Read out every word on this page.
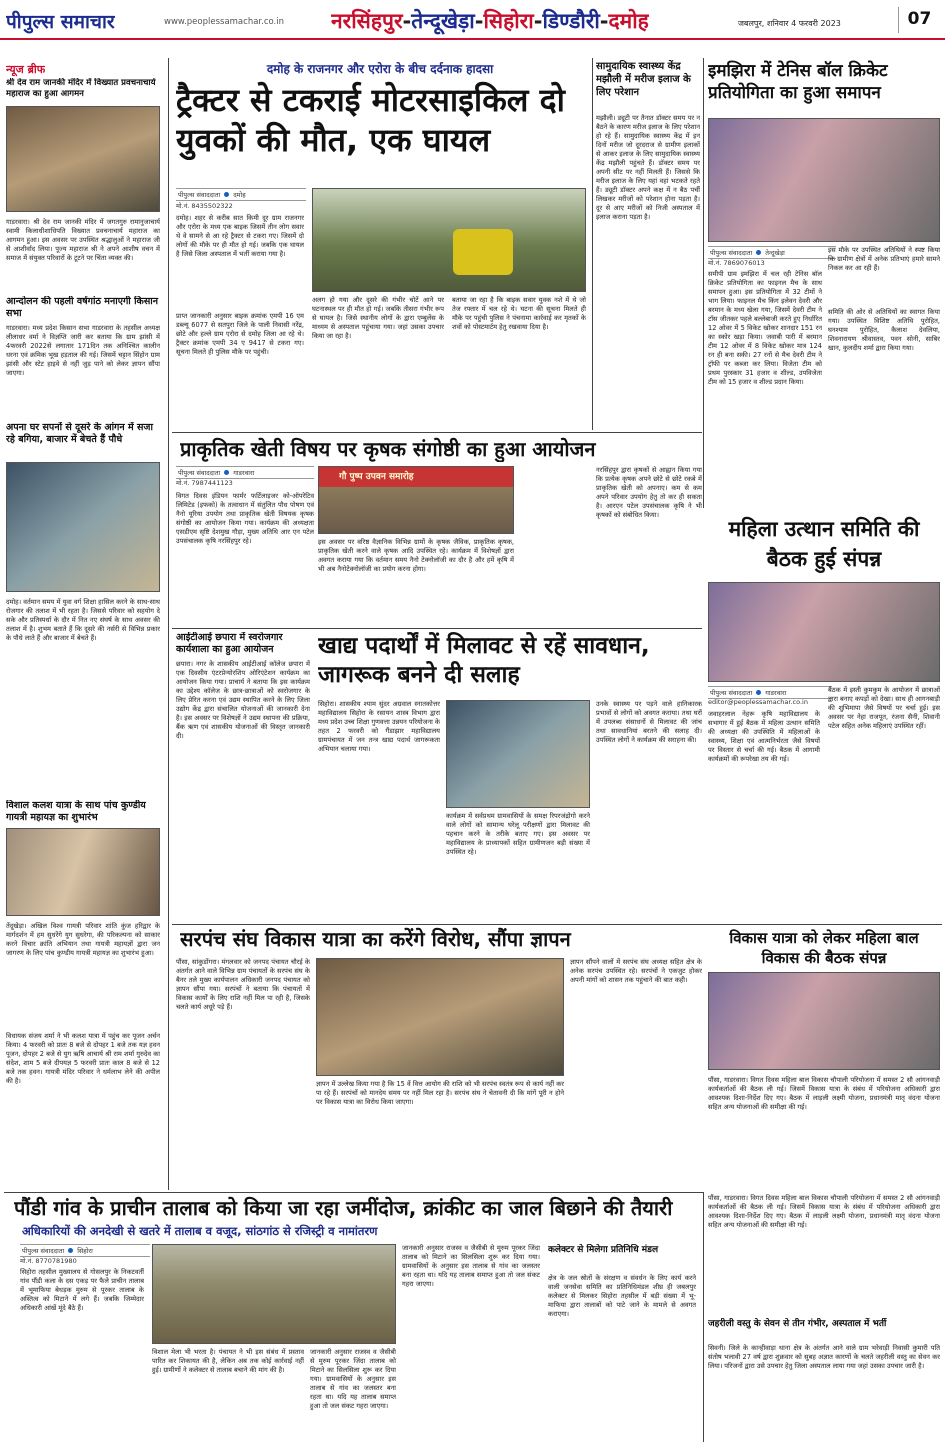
पीपुल्स समाचार	www.peoplessamachar.co.in नरसिंहपुर-तेन्दूखेड़ा-सिहोरा-डिण्डौरी-दमोह	जबलपुर, शनिवार 4 फरवरी 2023	07
न्यूज ब्रीफ
श्री देव राम जानकी मंदिर में विख्यात प्रवचनाचार्य महाराज का हुआ आगमन
गाडरवारा। श्री देव राम जानकी मंदिर में जगतगुरु रामानुजाचार्य स्वामी किलाधीशाधिपति विख्यात प्रवचनाचार्य महाराज का आगमन हुआ। इस अवसर पर उपस्थित श्रद्धालुओं ने महाराज जी से आशीर्वाद लिया। पूज्य महाराज श्री ने अपने आशीष वचन में समाज में संयुक्त परिवारों के टूटने पर चिंता व्यक्त की।
आन्दोलन की पहली वर्षगांठ मनाएगी किसान सभा
गाडरवारा। मध्य प्रदेश किसान सभा गाडरवारा के तहसील अध्यक्ष लीलाधर वर्मा ने विज्ञप्ति जारी कर बताया कि ग्राम झांसी में 4फरवरी 2022से लगातार 171दिन तक अनिश्चित कालीन धरना एवं क्रमिक भूख हड़ताल की गई। जिसमें चट्टान सिंहोन ग्राम झांसी और स्टेट हाइवे से नहीं जुड़ पाने को लेकर ज्ञापन सौंपा जाएगा।
अपना घर सपनों से दूसरे के आंगन में सजा रहे बगिया, बाजार में बेचते हैं पौधे
दमोह। वर्तमान समय में युवा वर्ग शिक्षा हासिल करने के साथ-साथ रोजगार की तलाश में भी रहता है। जिससे परिवार को सहयोग दे सके और प्रतिस्पर्धा के दौर में नित नए संघर्ष के साथ अवसर की तलाश में है। शुभम बताते हैं कि दूसरे की नर्सरी से विभिन्न प्रकार के पौधे लाते हैं और बाजार में बेचते हैं।
विशाल कलश यात्रा के साथ पांच कुण्डीय गायत्री महायज्ञ का शुभारंभ
तेंदूखेड़ा। अखिल विश्व गायत्री परिवार शांति कुंज हरिद्वार के मार्गदर्शन में हम सुधरेंगे युग सुधरेगा, की परिकल्पना को साकार करने विचार क्रांति अभियान तथा गायत्री महायज्ञों द्वारा जन जागरण के लिए पांच कुण्डीय गायत्री महायज्ञ का शुभारंभ हुआ।
विधायक संजय शर्मा ने भी कलश यात्रा में पहुंच कर पूजन अर्चन किया। 4 फरवरी को प्रातः 8 बजे से दोपहर 1 बजे तक यज्ञ हवन पूजन, दोपहर 2 बजे से युग ऋषि आचार्य श्री राम शर्मा गुरुदेव का संदेश, शाम 5 बजे दीपयज्ञ 5 फरवरी प्रातः काल 8 बजे से 12 बजे तक हवन। गायत्री मंदिर परिवार ने धर्मलाभ लेने की अपील की है।
दमोह के राजनगर और एरोरा के बीच दर्दनाक हादसा
ट्रैक्टर से टकराई मोटरसाइकिल दो युवकों की मौत, एक घायल
पीपुल्स संवाददाता दमोह
मो.नं. 8435502322
दमोह। शहर से करीब सात किमी दूर ग्राम राजनगर और एरोरा के मध्य एक बाइक जिसमें तीन लोग सवार थे वे सामने से आ रहे ट्रैक्टर से टकरा गए। जिसमें दो लोगों की मौके पर ही मौत हो गई। जबकि एक घायल है जिसे जिला अस्पताल में भर्ती कराया गया है।
प्राप्त जानकारी अनुसार बाइक क्रमांक एमपी 16 एम डब्ल्यू 6077 से सतपुरा जिले के पाली निवासी नरेंद्र, छोटे और हल्ले ग्राम एरोरा से दमोह जिला आ रहे थे। ट्रैक्टर क्रमांक एमपी 34 ए 9417 से टकरा गए। सूचना मिलते ही पुलिस मौके पर पहुंची।
अलग हो गया और दूसरे की गंभीर चोटें आने पर घटनास्थल पर ही मौत हो गई। जबकि तीसरा गंभीर रूप से घायल है। जिसे स्थानीय लोगों के द्वारा एम्बुलेंस के माध्यम से अस्पताल पहुंचाया गया। जहां उसका उपचार किया जा रहा है।
बताया जा रहा है कि बाइक सवार युवक नशे में थे जो तेज रफ्तार में चल रहे थे। घटना की सूचना मिलते ही मौके पर पहुंची पुलिस ने पंचनामा कार्रवाई कर मृतकों के शवों को पोस्टमार्टम हेतु रखवाया दिया है।
सामुदायिक स्वास्थ्य केंद्र मझौली में मरीज इलाज के लिए परेशान
मझौली। ड्यूटी पर तैनात डॉक्टर समय पर न बैठने के कारण मरीज इलाज के लिए परेशान हो रहे हैं। सामुदायिक स्वास्थ्य केंद्र में इन दिनों मरीज जो दूरदराज से ग्रामीण इलाकों से आकर इलाज के लिए सामुदायिक स्वास्थ्य केंद्र मझौली पहुंचते हैं। डॉक्टर समय पर अपनी सीट पर नहीं मिलती हैं। जिससे कि मरीज इलाज के लिए यहां वहां भटकते रहते हैं। ड्यूटी डॉक्टर अपने कक्ष में न बैठ पर्ची लिखकर मरीजों को परेशान होना पड़ता है। दूर से आए मरीजों को निजी अस्पताल में इलाज कराना पड़ता है।
इमझिरा में टेनिस बॉल क्रिकेट प्रतियोगिता का हुआ समापन
पीपुल्स संवाददाता तेन्दूखेड़ा
मो.नं. 7869076013
समीपी ग्राम इमझिरा में चल रही टेनिस बॉल क्रिकेट प्रतियोगिता का फाइनल मैच के साथ समापन हुआ। इस प्रतियोगिता में 32 टीमों ने भाग लिया। फाइनल मैच किंग इलेवन देवरी और बरमान के मध्य खेला गया, जिसमें देवरी टीम ने टॉस जीतकर पहले बल्लेबाजी करते हुए निर्धारित 12 ओवर में 5 विकेट खोकर शानदार 151 रन का स्कोर खड़ा किया। जवाबी पारी में बरमान टीम 12 ओवर में 8 विकेट खोकर मात्र 124 रन ही बना सकी। 27 रनों से मैच देवरी टीम ने ट्रॉफी पर कब्जा कर लिया। विजेता टीम को प्रथम पुरस्कार 31 हजार व शील्ड, उपविजेता टीम को 15 हजार व शील्ड प्रदान किया।
इस मौके पर उपस्थित अतिथियों ने स्पष्ट किया कि ग्रामीण क्षेत्रों में अनेक प्रतिभाएं हमारे सामने निकल कर आ रही हैं।
समिति की ओर से अतिथियों का स्वागत किया गया। उपस्थित विशिष्ट अतिथि पुरोहित, घनश्याम पुरोहित, कैलाश देवलिया, शिवनारायण श्रीवास्तव, पवन सोनी, साबिर खान, कुलदीप शर्मा द्वारा किया गया।
प्राकृतिक खेती विषय पर कृषक संगोष्ठी का हुआ आयोजन
पीपुल्स संवाददाता गाडरवारा
मो.नं. 7987441123
विगत दिवस इंडियन फार्मर फर्टिलाइजर को-ऑपरेटिव लिमिटेड (इफको) के तत्वाधान में संतुलित पौध पोषण एवं नैनो यूरिया उपयोग तथा प्राकृतिक खेती विषयक कृषक संगोष्ठी का आयोजन किया गया। कार्यक्रम की अध्यक्षता एसडीएम सृष्टि देशमुख गौड़ा, मुख्य अतिथि आर एन पटेल उपसंचालक कृषि नरसिंहपुर रहे।
गौ पुष्प उपवन समारोह
इस अवसर पर वरिष्ठ वैज्ञानिक विभिन्न ग्रामों के कृषक जैविक, प्राकृतिक कृषक, प्राकृतिक खेती करने वाले कृषक आदि उपस्थित रहे। कार्यक्रम में विशेषज्ञों द्वारा अवगत कराया गया कि वर्तमान समय नैनो टेक्नोलॉजी का दौर है और हमें कृषि में भी अब नैनोटेक्नोलॉजी का प्रयोग करना होगा।
नरसिंहपुर द्वारा कृषकों से आह्वान किया गया कि प्रत्येक कृषक अपने छोटे से छोटे रकबे में प्राकृतिक खेती को अपनाए। कम से कम अपने परिवार उपयोग हेतु तो कर ही सकता है। आरएन पटेल उपसंचालक कृषि ने भी कृषकों को संबोधित किया।
महिला उत्थान समिति की बैठक हुई संपन्न
पीपुल्स संवाददाता गाडरवारा
editor@peoplessamachar.co.in
जवाहरलाल नेहरू कृषि महाविद्यालय के सभागार में हुई बैठक में महिला उत्थान समिति की अध्यक्षा की उपस्थिति में महिलाओं के स्वास्थ्य, शिक्षा एवं आत्मनिर्भरता जैसे विषयों पर विस्तार से चर्चा की गई। बैठक में आगामी कार्यक्रमों की रूपरेखा तय की गई।
बैठक में इस्ती कुमकुम के आयोजन में छात्राओं द्वारा बनाए कपड़ों को देखा। साथ ही आगनबाड़ी की शुभिमापा जैसे विषयों पर चर्चा हुई। इस अवसर पर नेहा राजपूत, रंजना सैनी, शिवानी पटेल सहित अनेक महिलाएं उपस्थित रहीं।
आईटीआई छपारा में स्वरोजगार कार्यशाला का हुआ आयोजन
छपारा। नगर के शासकीय आईटीआई कॉलेज छपारा में एक दिवसीय एंटरप्रेन्योरशिप ओरिएंटेशन कार्यक्रम का आयोजन किया गया। प्राचार्य ने बताया कि इस कार्यक्रम का उद्देश्य कॉलेज के छात्र-छात्राओं को स्वरोजगार के लिए प्रेरित करना एवं उद्यम स्थापित करने के लिए जिला उद्योग केंद्र द्वारा संचालित योजनाओं की जानकारी देना है। इस अवसर पर विशेषज्ञों ने उद्यम स्थापना की प्रक्रिया, बैंक ऋण एवं शासकीय योजनाओं की विस्तृत जानकारी दी।
खाद्य पदार्थों में मिलावट से रहें सावधान, जागरूक बनने दी सलाह
सिहोरा। शासकीय श्याम सुंदर अग्रवाल स्नातकोत्तर महाविद्यालय सिहोरा के रसायन शास्त्र विभाग द्वारा मध्य प्रदेश उच्च शिक्षा गुणवत्ता उन्नयन परियोजना के तहत 2 फरवरी को गैंडाझार महाविद्यालय ग्रामपंचायत में जन तन्त्र खाद्य पदार्थ जागरूकता अभियान चलाया गया।
कार्यक्रम में सर्वप्रथम ग्रामवासियों के समक्ष रिपरजंद्रोगो करने वाले लोगों को सामान्य घरेलू परीक्षणों द्वारा मिलावट की पहचान करने के तरीके बताए गए। इस अवसर पर महाविद्यालय के प्राध्यापकों सहित ग्रामीणजन बड़ी संख्या में उपस्थित रहे।
उनके स्वास्थ्य पर पड़ने वाले हानिकारक प्रभावों से लोगों को अवगत कराया। तथा घरों में उपलब्ध संसाधनों से मिलावट की जांच तथा सावधानियां बरतने की सलाह दी। उपस्थित लोगों ने कार्यक्रम की सराहना की।
सरपंच संघ विकास यात्रा का करेंगे विरोध, सौंपा ज्ञापन
पौंसा, सांकुडोंगरा। मंगलवार को जनपद पंचायत चौरई के अंतर्गत आने वाले विभिन्न ग्राम पंचायतों के सरपंच संघ के बैनर तले मुख्य कार्यपालन अधिकारी जनपद पंचायत को ज्ञापन सौंपा गया। सरपंचों ने बताया कि पंचायतों में विकास कार्यों के लिए राशि नहीं मिल पा रही है, जिसके चलते कार्य अधूरे पड़े हैं।
ज्ञापन में उल्लेख किया गया है कि 15 वें वित्त आयोग की राशि को भी सरपंच स्वतंत्र रूप से कार्य नहीं कर पा रहे हैं। सरपंचों को मानदेय समय पर नहीं मिल रहा है। सरपंच संघ ने चेतावनी दी कि मांगें पूरी न होने पर विकास यात्रा का विरोध किया जाएगा।
ज्ञापन सौंपने वालों में सरपंच संघ अध्यक्ष सहित क्षेत्र के अनेक सरपंच उपस्थित रहे। सरपंचों ने एकजुट होकर अपनी मांगों को शासन तक पहुंचाने की बात कही।
विकास यात्रा को लेकर महिला बाल विकास की बैठक संपन्न
पौंसा, गाडरवारा। विगत दिवस महिला बाल विकास चौपाली परियोजना में समस्त 2 सौ आंगनवाड़ी कार्यकर्ताओं की बैठक ली गई। जिसमें विकास यात्रा के संबंध में परियोजना अधिकारी द्वारा आवश्यक दिशा-निर्देश दिए गए। बैठक में लाड़ली लक्ष्मी योजना, प्रधानमंत्री मातृ वंदना योजना सहित अन्य योजनाओं की समीक्षा की गई।
पौंडी गांव के प्राचीन तालाब को किया जा रहा जमींदोज, क्रांकीट का जाल बिछाने की तैयारी
अधिकारियों की अनदेखी से खतरे में तालाब व वजूद, सांठगांठ से रजिस्ट्री व नामांतरण
पीपुल्स संवाददाता सिहोरा
मो.नं. 8770781980
सिहोरा तहसील मुख्यालय से गोसलपुर के निकटवर्ती गांव पौंडी कला के दस एकड़ पर फैले प्राचीन तालाब में भूमाफिया बेधड़क मुरुम से पूरकर तालाब के अस्तित्व को मिटाने में लगे हैं। जबकि जिम्मेदार अधिकारी आंखें मूंदे बैठे हैं।
जानकारी अनुसार राजस्व व जैसीबी से मुरुम पूरकर जिंदा तालाब को मिटाने का सिलसिला शुरू कर दिया गया। ग्रामवासियों के अनुसार इस तालाब से गांव का जलस्तर बना रहता था। यदि यह तालाब समाप्त हुआ तो जल संकट गहरा जाएगा।
विशाल मेला भी भरता है। पंचायत ने भी इस संबंध में प्रस्ताव पारित कर शिकायत की है, लेकिन अब तक कोई कार्रवाई नहीं हुई। ग्रामीणों ने कलेक्टर से तालाब बचाने की मांग की है।
जानकारी अनुसार राजस्व व जैसीबी से मुरुम पूरकर जिंदा तालाब को मिटाने का सिलसिला शुरू कर दिया गया। ग्रामवासियों के अनुसार इस तालाब से गांव का जलस्तर बना रहता था। यदि यह तालाब समाप्त हुआ तो जल संकट गहरा जाएगा।
कलेक्टर से मिलेगा प्रतिनिधि मंडल
क्षेत्र के जल स्रोतों के संरक्षण व संवर्धन के लिए कार्य करने वाली जनसेवा समिति का प्रतिनिधिमंडल शीघ्र ही जबलपुर कलेक्टर से मिलकर सिहोरा तहसील में बड़ी संख्या में भू-माफिया द्वारा तालाबों को पाटे जाने के मामले से अवगत कराएगा।
जहरीली वस्तु के सेवन से तीन गंभीर, अस्पताल में भर्ती
सिवनी। जिले के कान्हीवाड़ा थाना क्षेत्र के अंतर्गत आने वाले ग्राम भरेवाड़ी निवासी कुमारी पति संतोष भलावी 27 वर्ष द्वारा शुक्रवार को सुबह अज्ञात कारणों के चलते जहरीली वस्तु का सेवन कर लिया। परिजनों द्वारा उसे उपचार हेतु जिला अस्पताल लाया गया जहां उसका उपचार जारी है।
पौंसा, गाडरवारा। विगत दिवस महिला बाल विकास चौपाली परियोजना में समस्त 2 सौ आंगनवाड़ी कार्यकर्ताओं की बैठक ली गई। जिसमें विकास यात्रा के संबंध में परियोजना अधिकारी द्वारा आवश्यक दिशा-निर्देश दिए गए। बैठक में लाड़ली लक्ष्मी योजना, प्रधानमंत्री मातृ वंदना योजना सहित अन्य योजनाओं की समीक्षा की गई।
